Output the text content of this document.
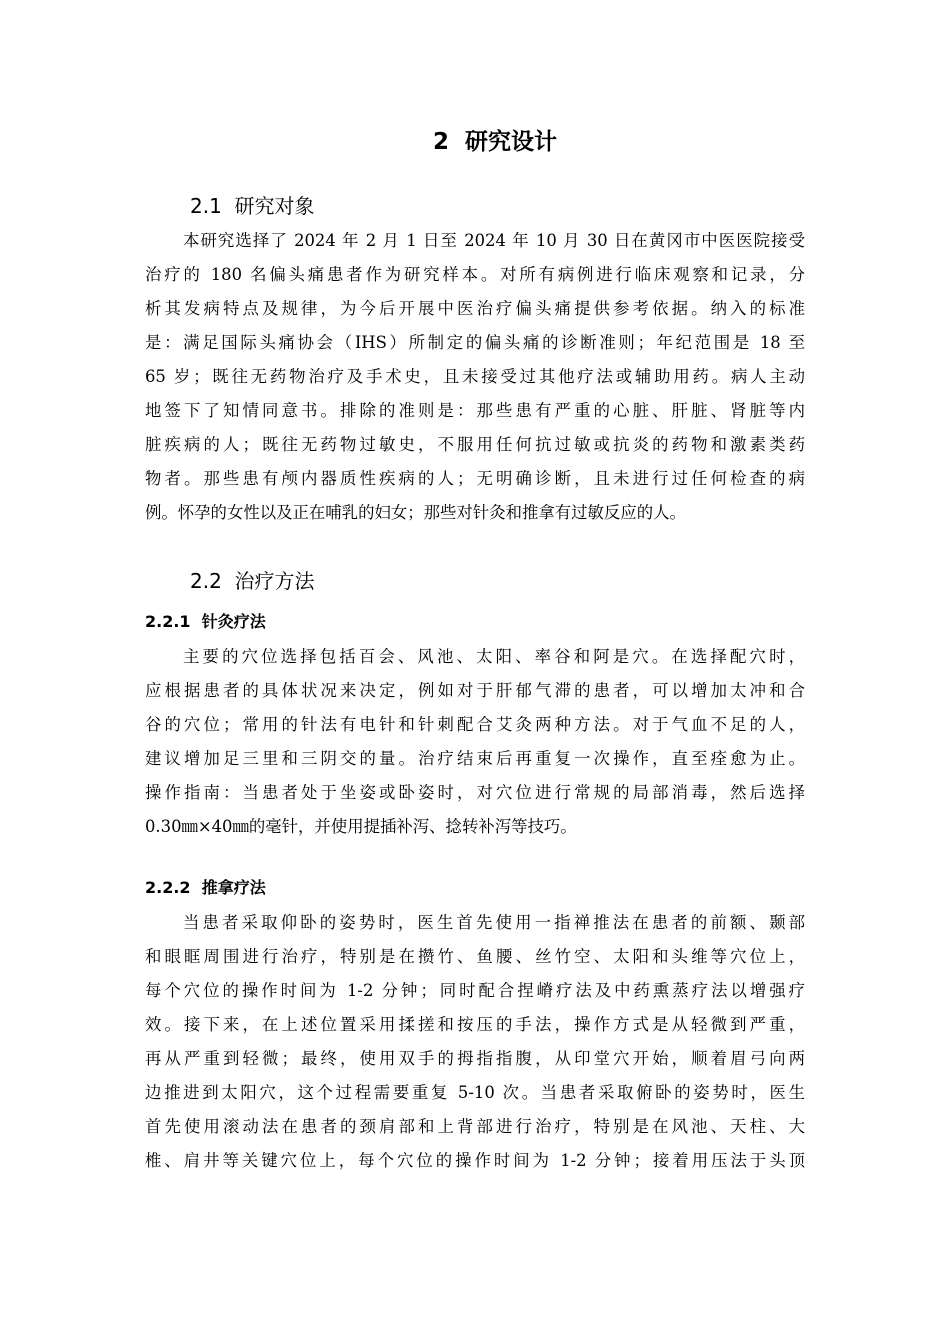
2  研究设计
2.1  研究对象
本研究选择了 2024 年 2 月 1 日至 2024 年 10 月 30 日在黄冈市中医医院接受
治疗的 180 名偏头痛患者作为研究样本。对所有病例进行临床观察和记录，分
析其发病特点及规律，为今后开展中医治疗偏头痛提供参考依据。纳入的标准
是：满足国际头痛协会（IHS）所制定的偏头痛的诊断准则；年纪范围是 18 至
65 岁；既往无药物治疗及手术史，且未接受过其他疗法或辅助用药。病人主动
地签下了知情同意书。排除的准则是：那些患有严重的心脏、肝脏、肾脏等内
脏疾病的人；既往无药物过敏史，不服用任何抗过敏或抗炎的药物和激素类药
物者。那些患有颅内器质性疾病的人；无明确诊断，且未进行过任何检查的病
例。怀孕的女性以及正在哺乳的妇女；那些对针灸和推拿有过敏反应的人。
2.2  治疗方法
2.2.1  针灸疗法
主要的穴位选择包括百会、风池、太阳、率谷和阿是穴。在选择配穴时，
应根据患者的具体状况来决定，例如对于肝郁气滞的患者，可以增加太冲和合
谷的穴位；常用的针法有电针和针刺配合艾灸两种方法。对于气血不足的人，
建议增加足三里和三阴交的量。治疗结束后再重复一次操作，直至痊愈为止。
操作指南：当患者处于坐姿或卧姿时，对穴位进行常规的局部消毒，然后选择
0.30㎜×40㎜的毫针，并使用提插补泻、捻转补泻等技巧。
2.2.2  推拿疗法
当患者采取仰卧的姿势时，医生首先使用一指禅推法在患者的前额、颞部
和眼眶周围进行治疗，特别是在攒竹、鱼腰、丝竹空、太阳和头维等穴位上，
每个穴位的操作时间为 1-2 分钟；同时配合捏嵴疗法及中药熏蒸疗法以增强疗
效。接下来，在上述位置采用揉搓和按压的手法，操作方式是从轻微到严重，
再从严重到轻微；最终，使用双手的拇指指腹，从印堂穴开始，顺着眉弓向两
边推进到太阳穴，这个过程需要重复 5-10 次。当患者采取俯卧的姿势时，医生
首先使用滚动法在患者的颈肩部和上背部进行治疗，特别是在风池、天柱、大
椎、肩井等关键穴位上，每个穴位的操作时间为 1-2 分钟；接着用压法于头顶
